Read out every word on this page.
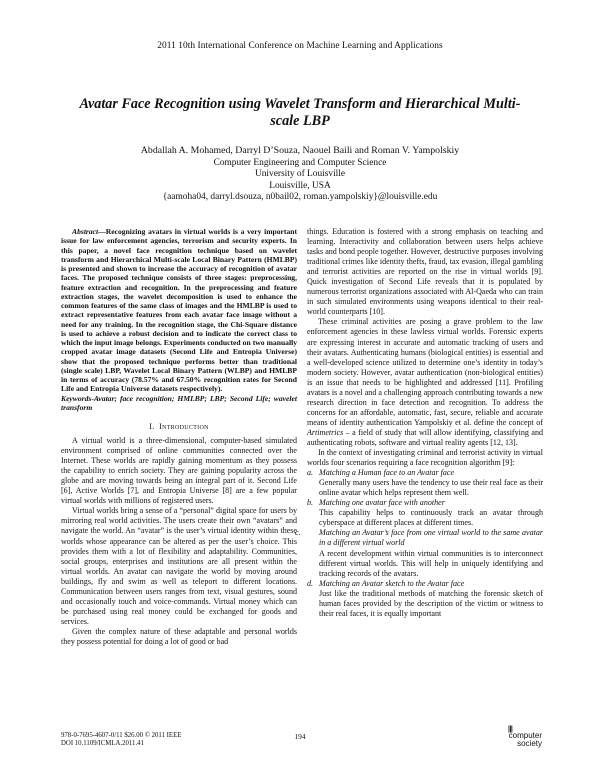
2011 10th International Conference on Machine Learning and Applications
Avatar Face Recognition using Wavelet Transform and Hierarchical Multi-scale LBP
Abdallah A. Mohamed, Darryl D’Souza, Naouel Baili and Roman V. Yampolskiy
Computer Engineering and Computer Science
University of Louisville
Louisville, USA
{aamoha04, darryl.dsouza, n0bail02, roman.yampolskiy}@louisville.edu

Abstract—Recognizing avatars in virtual worlds is a very important issue for law enforcement agencies, terrorism and security experts. In this paper, a novel face recognition technique based on wavelet transform and Hierarchical Multi-scale Local Binary Pattern (HMLBP) is presented and shown to increase the accuracy of recognition of avatar faces. The proposed technique consists of three stages: preprocessing, feature extraction and recognition. In the preprocessing and feature extraction stages, the wavelet decomposition is used to enhance the common features of the same class of images and the HMLBP is used to extract representative features from each avatar face image without a need for any training. In the recognition stage, the Chi-Square distance is used to achieve a robust decision and to indicate the correct class to which the input image belongs. Experiments conducted on two manually cropped avatar image datasets (Second Life and Entropia Universe) show that the proposed technique performs better than traditional (single scale) LBP, Wavelet Local Binary Pattern (WLBP) and HMLBP in terms of accuracy (78.57% and 67.50% recognition rates for Second Life and Entropia Universe datasets respectively).

Keywords-Avatar; face recognition; HMLBP; LBP; Second Life; wavelet transform

I. Introduction

A virtual world is a three-dimensional, computer-based simulated environment comprised of online communities connected over the Internet. These worlds are rapidly gaining momentum as they possess the capability to enrich society. They are gaining popularity across the globe and are moving towards being an integral part of it. Second Life [6], Active Worlds [7], and Entropia Universe [8] are a few popular virtual worlds with millions of registered users.

Virtual worlds bring a sense of a “personal” digital space for users by mirroring real world activities. The users create their own “avatars” and navigate the world. An “avatar” is the user’s virtual identity within these worlds whose appearance can be altered as per the user’s choice. This provides them with a lot of flexibility and adaptability. Communities, social groups, enterprises and institutions are all present within the virtual worlds. An avatar can navigate the world by moving around buildings, fly and swim as well as teleport to different locations. Communication between users ranges from text, visual gestures, sound and occasionally touch and voice-commands. Virtual money which can be purchased using real money could be exchanged for goods and services.

Given the complex nature of these adaptable and personal worlds they possess potential for doing a lot of good or bad

things. Education is fostered with a strong emphasis on teaching and learning. Interactivity and collaboration between users helps achieve tasks and bond people together. However, destructive purposes involving traditional crimes like identity thefts, fraud, tax evasion, illegal gambling and terrorist activities are reported on the rise in virtual worlds [9]. Quick investigation of Second Life reveals that it is populated by numerous terrorist organizations associated with Al-Qaeda who can train in such simulated environments using weapons identical to their real-world counterparts [10].

These criminal activities are posing a grave problem to the law enforcement agencies in these lawless virtual worlds. Forensic experts are expressing interest in accurate and automatic tracking of users and their avatars. Authenticating humans (biological entities) is essential and a well-developed science utilized to determine one’s identity in today’s modern society. However, avatar authentication (non-biological entities) is an issue that needs to be highlighted and addressed [11]. Profiling avatars is a novel and a challenging approach contributing towards a new research direction in face detection and recognition. To address the concerns for an affordable, automatic, fast, secure, reliable and accurate means of identity authentication Yampolskiy et al. define the concept of Artimetrics – a field of study that will allow identifying, classifying and authenticating robots, software and virtual reality agents [12, 13].

In the context of investigating criminal and terrorist activity in virtual worlds four scenarios requiring a face recognition algorithm [9]:

a. Matching a Human face to an Avatar face
Generally many users have the tendency to use their real face as their online avatar which helps represent them well.
b. Matching one avatar face with another
This capability helps to continuously track an avatar through cyberspace at different places at different times.
c. Matching an Avatar’s face from one virtual world to the same avatar in a different virtual world
A recent development within virtual communities is to interconnect different virtual worlds. This will help in uniquely identifying and tracking records of the avatars.
d. Matching an Avatar sketch to the Avatar face
Just like the traditional methods of matching the forensic sketch of human faces provided by the description of the victim or witness to their real faces, it is equally important
978-0-7695-4607-0/11 $26.00 © 2011 IEEE
DOI 10.1109/ICMLA.2011.41
194
|||
computer
society
